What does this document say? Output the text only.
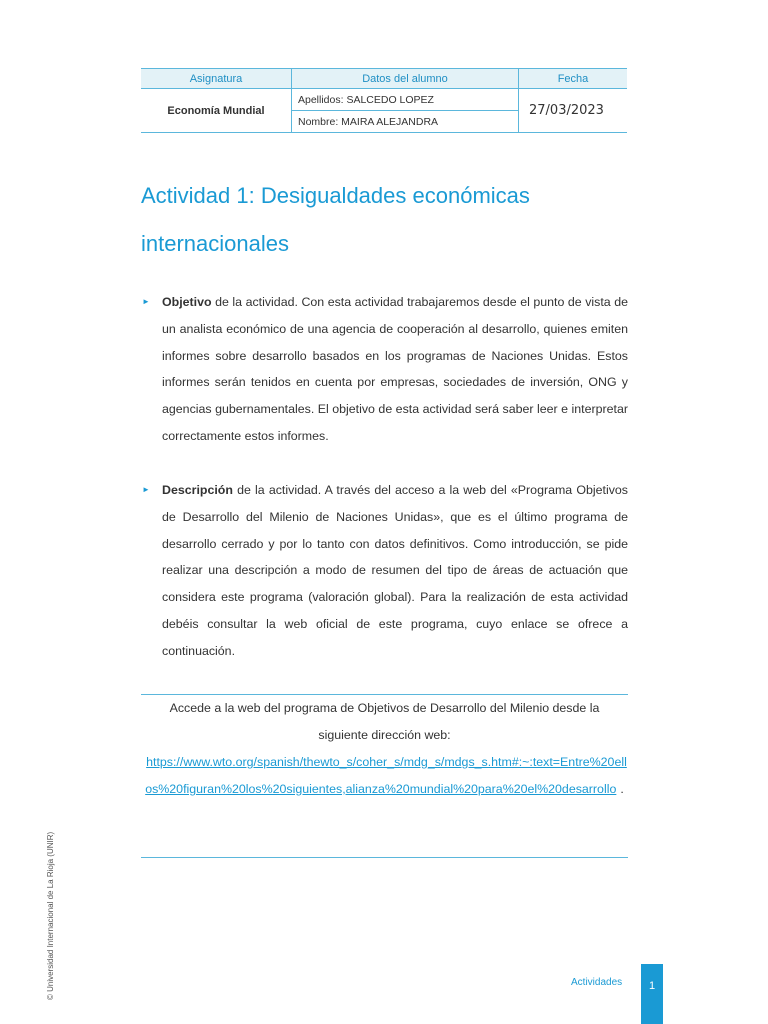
Asignatura	Datos del alumno	Fecha
Economía Mundial	Apellidos: SALCEDO LOPEZ	27/03/2023
	Nombre: MAIRA ALEJANDRA	
Actividad 1: Desigualdades económicas internacionales
► Objetivo de la actividad. Con esta actividad trabajaremos desde el punto de vista de un analista económico de una agencia de cooperación al desarrollo, quienes emiten informes sobre desarrollo basados en los programas de Naciones Unidas. Estos informes serán tenidos en cuenta por empresas, sociedades de inversión, ONG y agencias gubernamentales. El objetivo de esta actividad será saber leer e interpretar correctamente estos informes.
► Descripción de la actividad. A través del acceso a la web del «Programa Objetivos de Desarrollo del Milenio de Naciones Unidas», que es el último programa de desarrollo cerrado y por lo tanto con datos definitivos. Como introducción, se pide realizar una descripción a modo de resumen del tipo de áreas de actuación que considera este programa (valoración global). Para la realización de esta actividad debéis consultar la web oficial de este programa, cuyo enlace se ofrece a continuación.
Accede a la web del programa de Objetivos de Desarrollo del Milenio desde la siguiente dirección web:
https://www.wto.org/spanish/thewto_s/coher_s/mdg_s/mdgs_s.htm#:~:text=Entre%20ellos%20figuran%20los%20siguientes,alianza%20mundial%20para%20el%20desarrollo .
© Universidad Internacional de La Rioja (UNIR)	Actividades	1
